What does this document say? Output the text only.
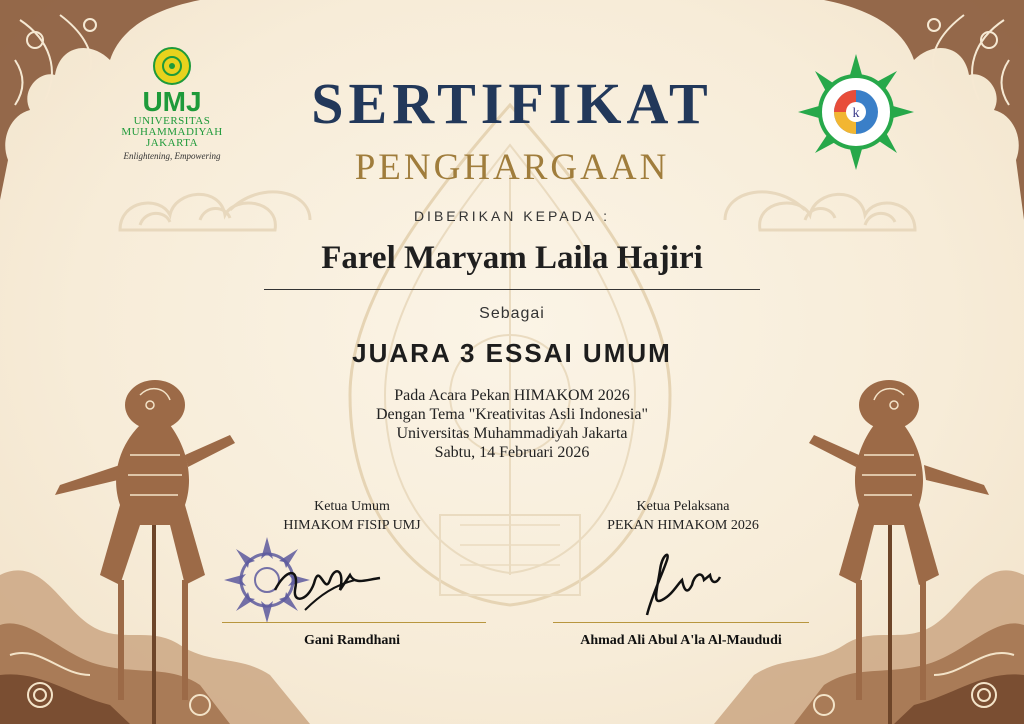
UMJ
UNIVERSITAS
MUHAMMADIYAH
JAKARTA
Enlightening, Empowering
k
SERTIFIKAT
PENGHARGAAN
DIBERIKAN KEPADA :
Farel Maryam Laila Hajiri
Sebagai
JUARA 3 ESSAI UMUM
Pada Acara Pekan HIMAKOM 2026
Dengan Tema "Kreativitas Asli Indonesia"
Universitas Muhammadiyah Jakarta
Sabtu, 14 Februari 2026
Ketua Umum
HIMAKOM FISIP UMJ
Gani Ramdhani
Ketua Pelaksana
PEKAN HIMAKOM 2026
Ahmad Ali Abul A'la Al-Maududi
